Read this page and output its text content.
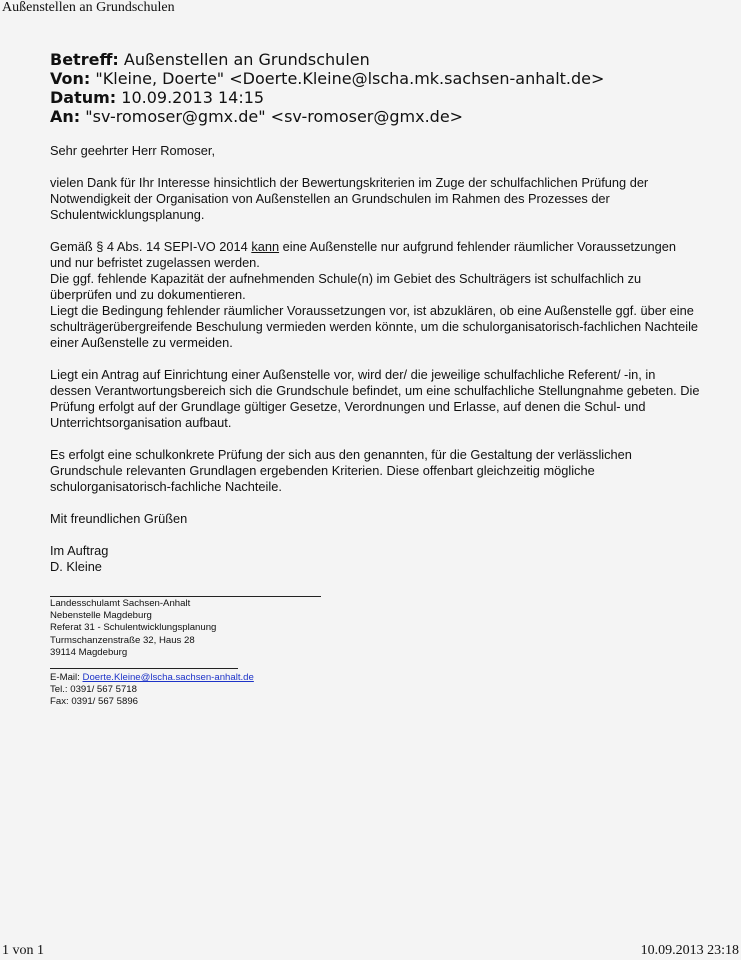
Außenstellen an Grundschulen
Betreff: Außenstellen an Grundschulen
Von: "Kleine, Doerte" <Doerte.Kleine@lscha.mk.sachsen-anhalt.de>
Datum: 10.09.2013 14:15
An: "sv-romoser@gmx.de" <sv-romoser@gmx.de>

Sehr geehrter Herr Romoser,

vielen Dank für Ihr Interesse hinsichtlich der Bewertungskriterien im Zuge der schulfachlichen Prüfung der Notwendigkeit der Organisation von Außenstellen an Grundschulen im Rahmen des Prozesses der Schulentwicklungsplanung.

Gemäß § 4 Abs. 14 SEPI-VO 2014 kann eine Außenstelle nur aufgrund fehlender räumlicher Voraussetzungen und nur befristet zugelassen werden.

Die ggf. fehlende Kapazität der aufnehmenden Schule(n) im Gebiet des Schulträgers ist schulfachlich zu überprüfen und zu dokumentieren.

Liegt die Bedingung fehlender räumlicher Voraussetzungen vor, ist abzuklären, ob eine Außenstelle ggf. über eine schulträgerübergreifende Beschulung vermieden werden könnte, um die schulorganisatorisch-fachlichen Nachteile einer Außenstelle zu vermeiden.

Liegt ein Antrag auf Einrichtung einer Außenstelle vor, wird der/ die jeweilige schulfachliche Referent/ -in, in dessen Verantwortungsbereich sich die Grundschule befindet, um eine schulfachliche Stellungnahme gebeten. Die Prüfung erfolgt auf der Grundlage gültiger Gesetze, Verordnungen und Erlasse, auf denen die Schul- und Unterrichtsorganisation aufbaut.

Es erfolgt eine schulkonkrete Prüfung der sich aus den genannten, für die Gestaltung der verlässlichen Grundschule relevanten Grundlagen ergebenden Kriterien. Diese offenbart gleichzeitig mögliche schulorganisatorisch-fachliche Nachteile.

Mit freundlichen Grüßen

Im Auftrag

D. Kleine

Landesschulamt Sachsen-Anhalt
Nebenstelle Magdeburg
Referat 31 - Schulentwicklungsplanung
Turmschanzenstraße 32, Haus 28
39114 Magdeburg
E-Mail: Doerte.Kleine@lscha.sachsen-anhalt.de
Tel.: 0391/ 567 5718
Fax: 0391/ 567 5896
1 von 1	10.09.2013 23:18
